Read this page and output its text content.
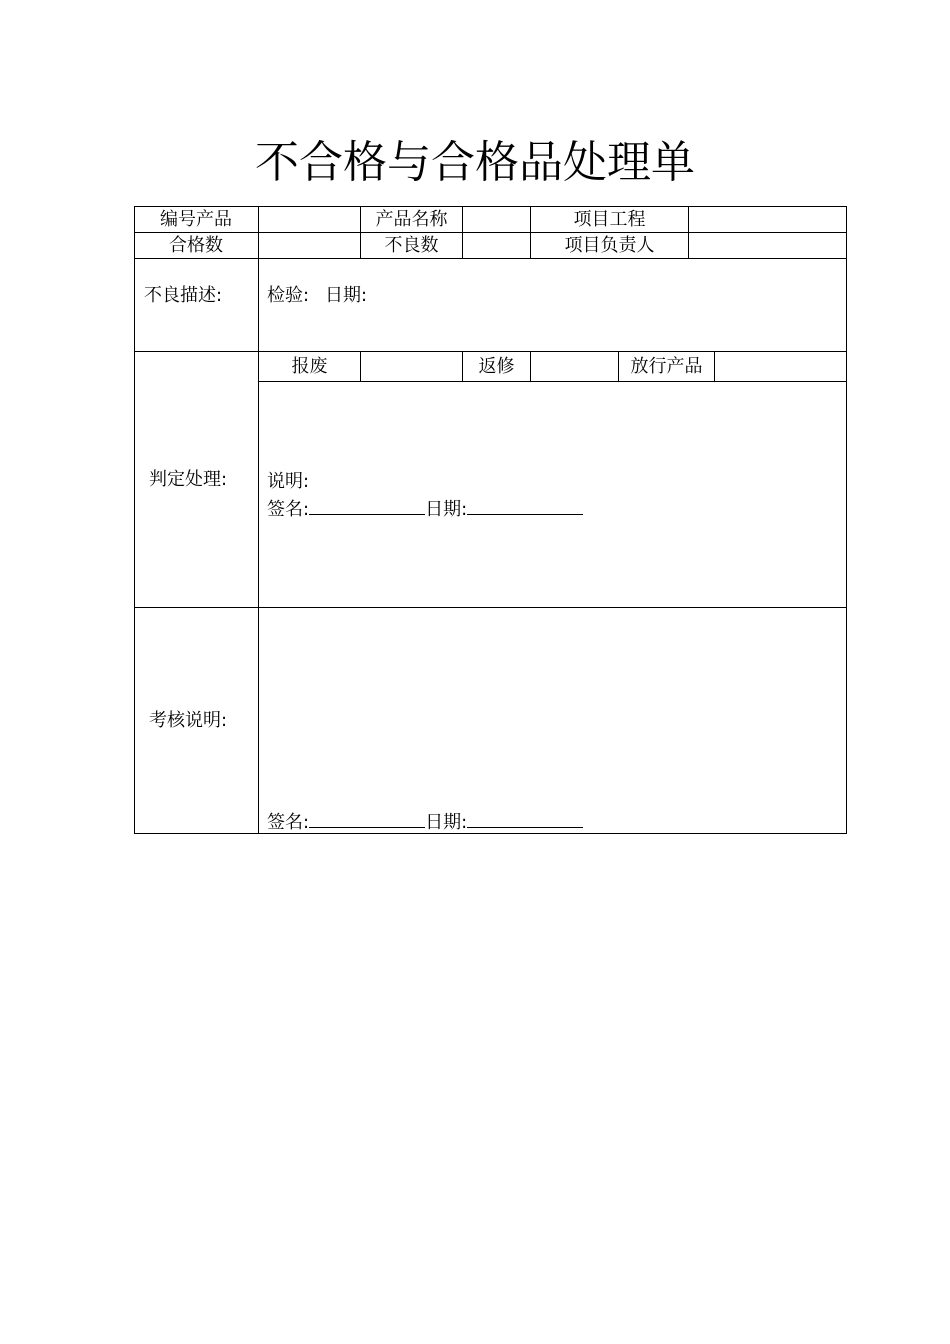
不合格与合格品处理单
编号产品	产品名称	项目工程
合格数	不良数	项目负责人
不良描述: 检验: 日期:
判定处理:
报废	返修	放行产品
说明:
签名:	日期:
考核说明:
签名:	日期:
